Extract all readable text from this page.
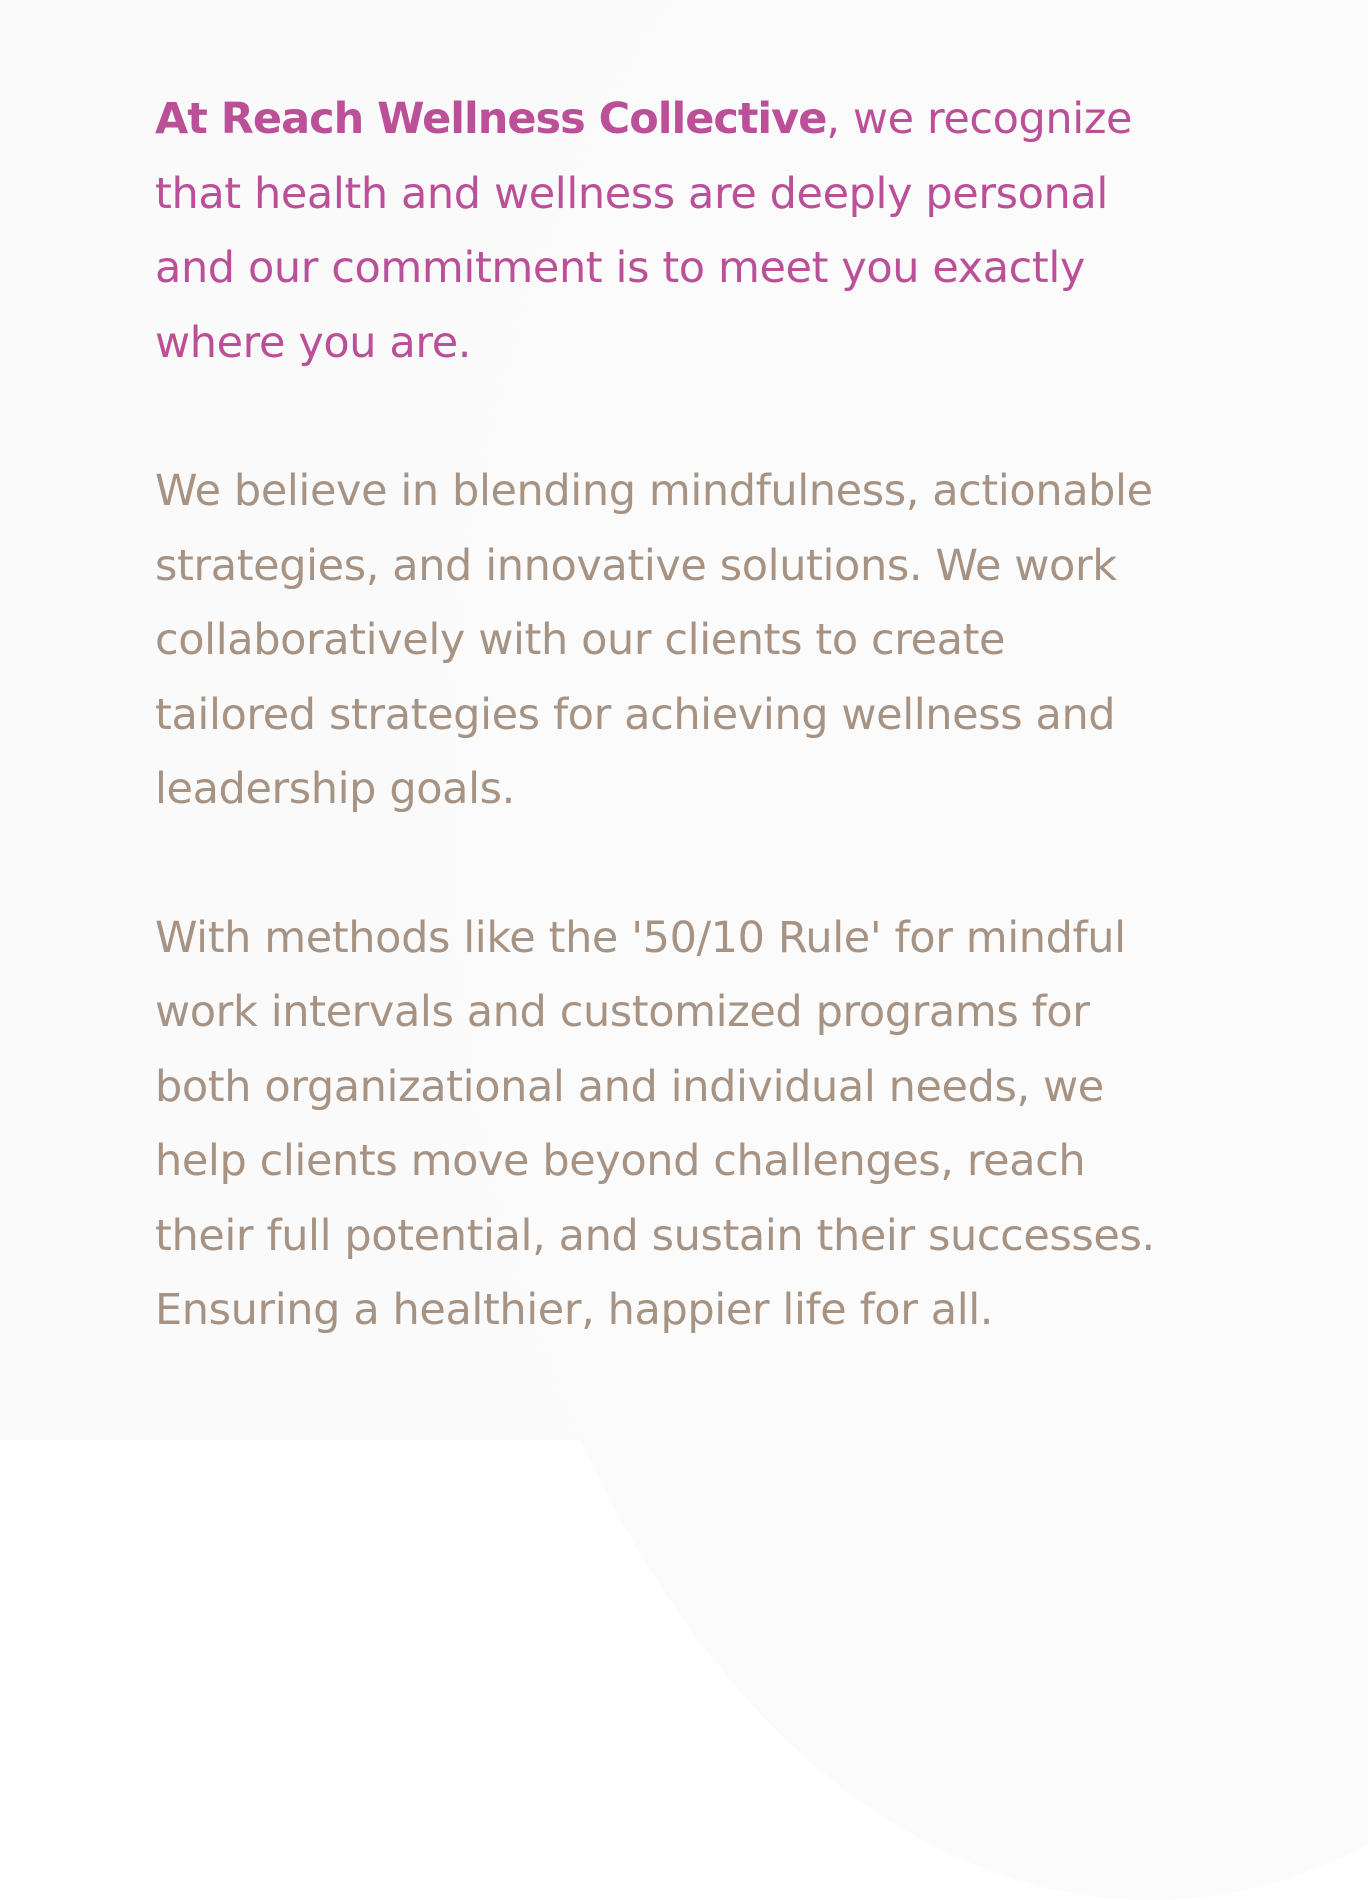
At Reach Wellness Collective, we recognize
that health and wellness are deeply personal
and our commitment is to meet you exactly
where you are.

We believe in blending mindfulness, actionable
strategies, and innovative solutions. We work
collaboratively with our clients to create
tailored strategies for achieving wellness and
leadership goals.

With methods like the '50/10 Rule' for mindful
work intervals and customized programs for
both organizational and individual needs, we
help clients move beyond challenges, reach
their full potential, and sustain their successes.
Ensuring a healthier, happier life for all.
